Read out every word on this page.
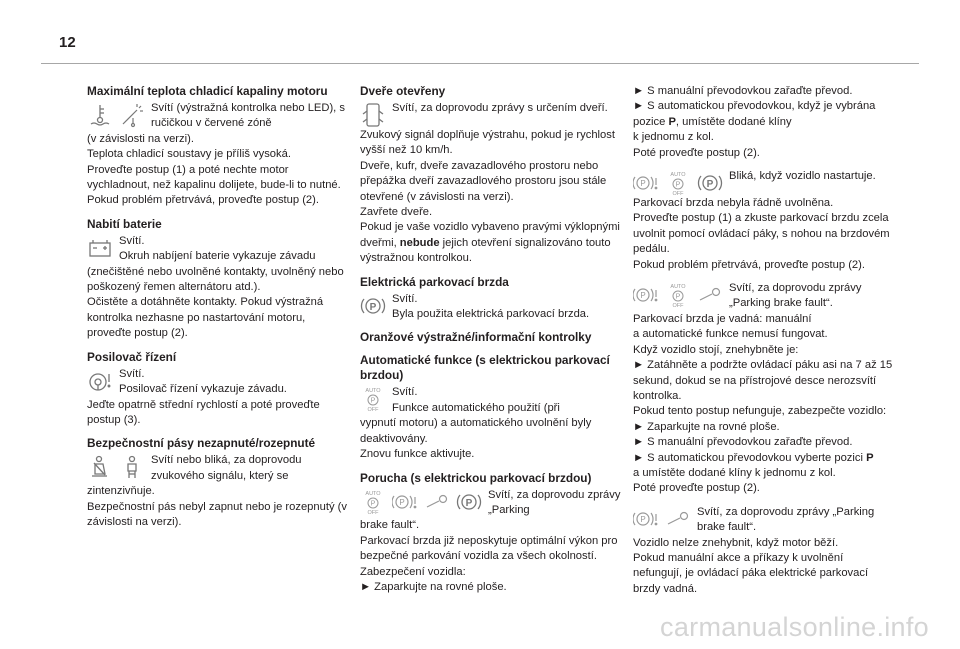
12
Maximální teplota chladicí kapaliny motoru

Svítí (výstražná kontrolka nebo LED), s ručičkou v červené zóně

(v závislosti na verzi).
Teplota chladicí soustavy je příliš vysoká.
Proveďte postup (1) a poté nechte motor vychladnout, než kapalinu dolijete, bude-li to nutné. Pokud problém přetrvává, proveďte postup (2).

Nabití baterie

Svítí.

Okruh nabíjení baterie vykazuje závadu

(znečištěné nebo uvolněné kontakty, uvolněný nebo poškozený řemen alternátoru atd.).
Očistěte a dotáhněte kontakty. Pokud výstražná kontrolka nezhasne po nastartování motoru, proveďte postup (2).

Posilovač řízení

Svítí.

Posilovač řízení vykazuje závadu.

Jeďte opatrně střední rychlostí a poté proveďte postup (3).

Bezpečnostní pásy nezapnuté/rozepnuté

Svítí nebo bliká, za doprovodu zvukového signálu, který se

zintenzivňuje.
Bezpečnostní pás nebyl zapnut nebo je rozepnutý (v závislosti na verzi).

Dveře otevřeny

Svítí, za doprovodu zprávy s určením dveří.

Zvukový signál doplňuje výstrahu, pokud je rychlost vyšší než 10 km/h.
Dveře, kufr, dveře zavazadlového prostoru nebo přepážka dveří zavazadlového prostoru jsou stále otevřené (v závislosti na verzi).
Zavřete dveře.
Pokud je vaše vozidlo vybaveno pravými výklopnými dveřmi, nebude jejich otevření signalizováno touto výstražnou kontrolkou.

Elektrická parkovací brzda
P

Svítí.

Byla použita elektrická parkovací brzda.

Oranžové výstražné/informační kontrolky
Automatické funkce (s elektrickou parkovací brzdou)
AUTO
P
OFF

Svítí.

Funkce automatického použití (při

vypnutí motoru) a automatického uvolnění byly deaktivovány.
Znovu funkce aktivujte.

Porucha (s elektrickou parkovací brzdou)
AUTO
P
OFF
P	P

Svítí, za doprovodu zprávy „Parking

brake fault“.
Parkovací brzda již neposkytuje optimální výkon pro bezpečné parkování vozidla za všech okolností.
Zabezpečení vozidla:
► Zaparkujte na rovné ploše.

► S manuální převodovkou zařaďte převod.
► S automatickou převodovkou, když je vybrána pozice P, umístěte dodané klíny
k jednomu z kol.
Poté proveďte postup (2).

P
AUTO
P
OFF
P

Bliká, když vozidlo nastartuje.

Parkovací brzda nebyla řádně uvolněna.
Proveďte postup (1) a zkuste parkovací brzdu zcela uvolnit pomocí ovládací páky, s nohou na brzdovém pedálu.
Pokud problém přetrvává, proveďte postup (2).

P
AUTO
P
OFF

Svítí, za doprovodu zprávy „Parking brake fault“.

Parkovací brzda je vadná: manuální
a automatické funkce nemusí fungovat.
Když vozidlo stojí, znehybněte je:
► Zatáhněte a podržte ovládací páku asi na 7 až 15 sekund, dokud se na přístrojové desce nerozsvítí kontrolka.
Pokud tento postup nefunguje, zabezpečte vozidlo:
► Zaparkujte na rovné ploše.
► S manuální převodovkou zařaďte převod.
► S automatickou převodovkou vyberte pozici P
a umístěte dodané klíny k jednomu z kol.
Poté proveďte postup (2).

P

Svítí, za doprovodu zprávy „Parking brake fault“.

Vozidlo nelze znehybnit, když motor běží.
Pokud manuální akce a příkazy k uvolnění nefungují, je ovládací páka elektrické parkovací brzdy vadná.

carmanualsonline.info
